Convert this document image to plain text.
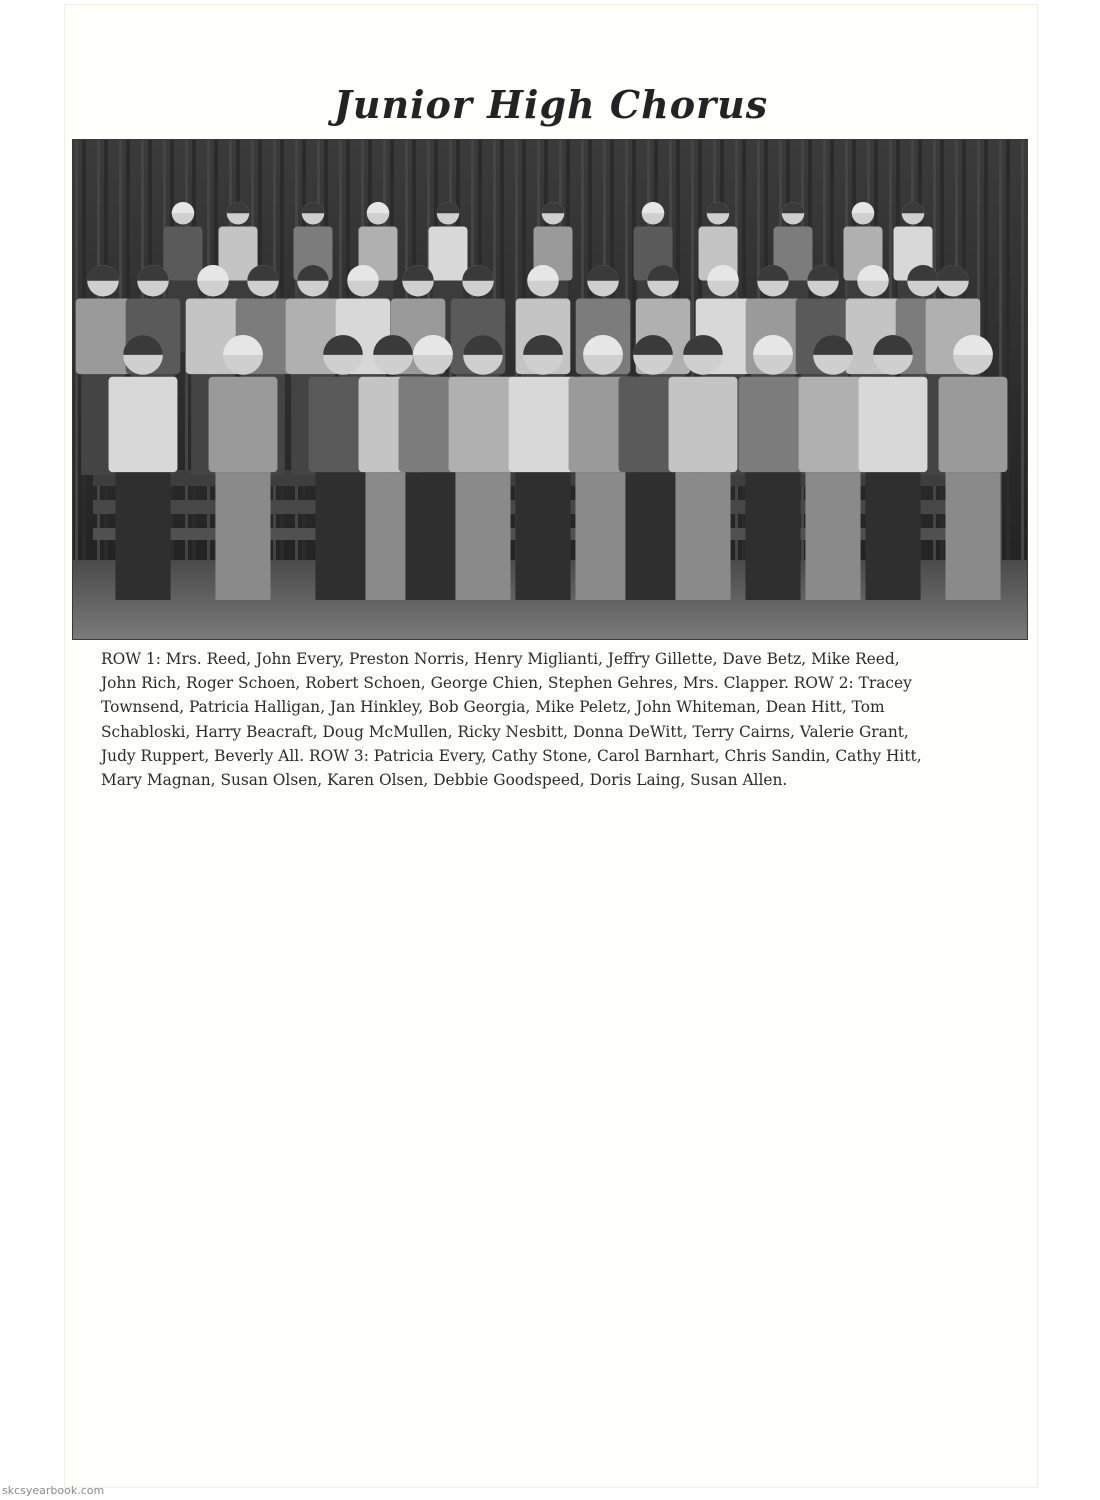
Junior High Chorus
ROW 1: Mrs. Reed, John Every, Preston Norris, Henry Miglianti, Jeffry Gillette, Dave Betz, Mike Reed,
John Rich, Roger Schoen, Robert Schoen, George Chien, Stephen Gehres, Mrs. Clapper. ROW 2: Tracey
Townsend, Patricia Halligan, Jan Hinkley, Bob Georgia, Mike Peletz, John Whiteman, Dean Hitt, Tom
Schabloski, Harry Beacraft, Doug McMullen, Ricky Nesbitt, Donna DeWitt, Terry Cairns, Valerie Grant,
Judy Ruppert, Beverly All. ROW 3: Patricia Every, Cathy Stone, Carol Barnhart, Chris Sandin, Cathy Hitt,
Mary Magnan, Susan Olsen, Karen Olsen, Debbie Goodspeed, Doris Laing, Susan Allen.
skcsyearbook.com
